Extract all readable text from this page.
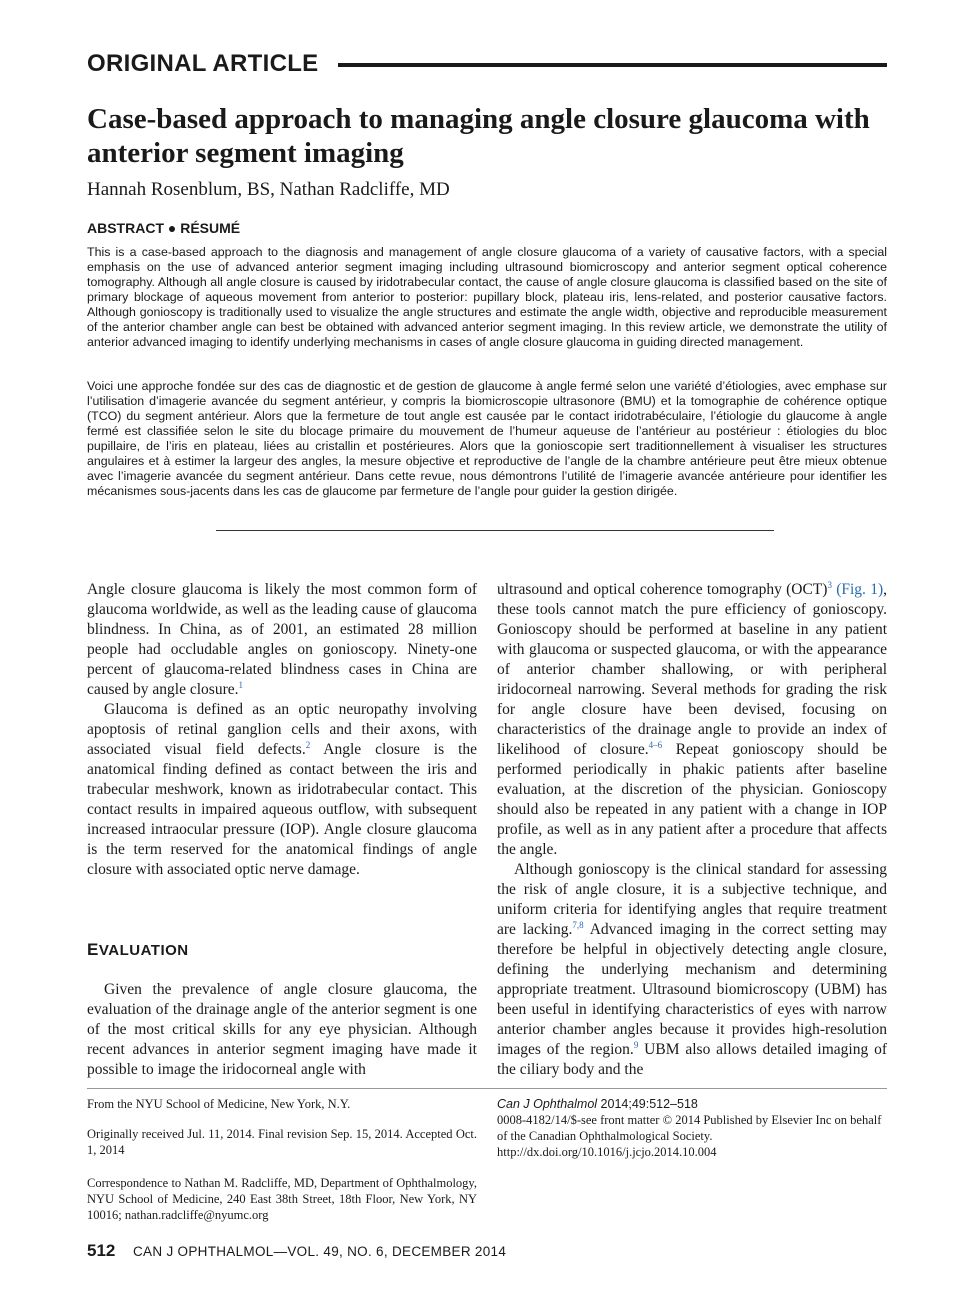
ORIGINAL ARTICLE
Case-based approach to managing angle closure glaucoma with anterior segment imaging
Hannah Rosenblum, BS, Nathan Radcliffe, MD
ABSTRACT ● RÉSUMÉ
This is a case-based approach to the diagnosis and management of angle closure glaucoma of a variety of causative factors, with a special emphasis on the use of advanced anterior segment imaging including ultrasound biomicroscopy and anterior segment optical coherence tomography. Although all angle closure is caused by iridotrabecular contact, the cause of angle closure glaucoma is classified based on the site of primary blockage of aqueous movement from anterior to posterior: pupillary block, plateau iris, lens-related, and posterior causative factors. Although gonioscopy is traditionally used to visualize the angle structures and estimate the angle width, objective and reproducible measurement of the anterior chamber angle can best be obtained with advanced anterior segment imaging. In this review article, we demonstrate the utility of anterior advanced imaging to identify underlying mechanisms in cases of angle closure glaucoma in guiding directed management.
Voici une approche fondée sur des cas de diagnostic et de gestion de glaucome à angle fermé selon une variété d’étiologies, avec emphase sur l’utilisation d’imagerie avancée du segment antérieur, y compris la biomicroscopie ultrasonore (BMU) et la tomographie de cohérence optique (TCO) du segment antérieur. Alors que la fermeture de tout angle est causée par le contact iridotrabéculaire, l’étiologie du glaucome à angle fermé est classifiée selon le site du blocage primaire du mouvement de l’humeur aqueuse de l’antérieur au postérieur : étiologies du bloc pupillaire, de l’iris en plateau, liées au cristallin et postérieures. Alors que la gonioscopie sert traditionnellement à visualiser les structures angulaires et à estimer la largeur des angles, la mesure objective et reproductive de l’angle de la chambre antérieure peut être mieux obtenue avec l’imagerie avancée du segment antérieur. Dans cette revue, nous démontrons l’utilité de l’imagerie avancée antérieure pour identifier les mécanismes sous-jacents dans les cas de glaucome par fermeture de l’angle pour guider la gestion dirigée.

Angle closure glaucoma is likely the most common form of glaucoma worldwide, as well as the leading cause of glaucoma blindness. In China, as of 2001, an estimated 28 million people had occludable angles on gonioscopy. Ninety-one percent of glaucoma-related blindness cases in China are caused by angle closure.$^1$

Glaucoma is defined as an optic neuropathy involving apoptosis of retinal ganglion cells and their axons, with associated visual field defects.$^2$ Angle closure is the anatomical finding defined as contact between the iris and trabecular meshwork, known as iridotrabecular contact. This contact results in impaired aqueous outflow, with subsequent increased intraocular pressure (IOP). Angle closure glaucoma is the term reserved for the anatomical findings of angle closure with associated optic nerve damage.

EVALUATION

Given the prevalence of angle closure glaucoma, the evaluation of the drainage angle of the anterior segment is one of the most critical skills for any eye physician. Although recent advances in anterior segment imaging have made it possible to image the iridocorneal angle with

ultrasound and optical coherence tomography (OCT)$^3$ (Fig. 1), these tools cannot match the pure efficiency of gonioscopy. Gonioscopy should be performed at baseline in any patient with glaucoma or suspected glaucoma, or with the appearance of anterior chamber shallowing, or with peripheral iridocorneal narrowing. Several methods for grading the risk for angle closure have been devised, focusing on characteristics of the drainage angle to provide an index of likelihood of closure.$^{4-6}$ Repeat gonioscopy should be performed periodically in phakic patients after baseline evaluation, at the discretion of the physician. Gonioscopy should also be repeated in any patient with a change in IOP profile, as well as in any patient after a procedure that affects the angle.

Although gonioscopy is the clinical standard for assessing the risk of angle closure, it is a subjective technique, and uniform criteria for identifying angles that require treatment are lacking.$^{7,8}$ Advanced imaging in the correct setting may therefore be helpful in objectively detecting angle closure, defining the underlying mechanism and determining appropriate treatment. Ultrasound biomicroscopy (UBM) has been useful in identifying characteristics of eyes with narrow anterior chamber angles because it provides high-resolution images of the region.$^9$ UBM also allows detailed imaging of the ciliary body and the

From the NYU School of Medicine, New York, N.Y.
Originally received Jul. 11, 2014. Final revision Sep. 15, 2014. Accepted Oct. 1, 2014
Correspondence to Nathan M. Radcliffe, MD, Department of Ophthalmology, NYU School of Medicine, 240 East 38th Street, 18th Floor, New York, NY 10016; nathan.radcliffe@nyumc.org
Can J Ophthalmol 2014;49:512–518
0008-4182/14/$-see front matter © 2014 Published by Elsevier Inc on behalf of the Canadian Ophthalmological Society.
http://dx.doi.org/10.1016/j.jcjo.2014.10.004
512 CAN J OPHTHALMOL—VOL. 49, NO. 6, DECEMBER 2014
